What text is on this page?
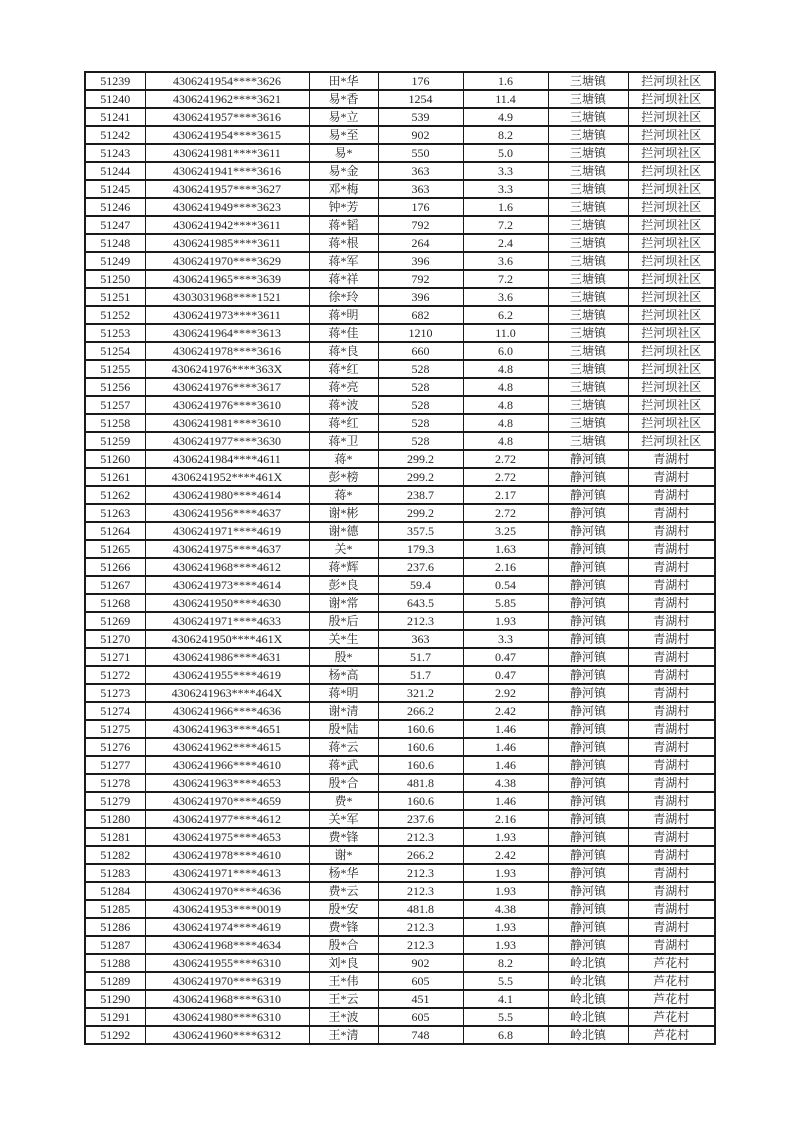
51239	4306241954****3626	田*华	176	1.6	三塘镇	拦河坝社区
51240	4306241962****3621	易*香	1254	11.4	三塘镇	拦河坝社区
51241	4306241957****3616	易*立	539	4.9	三塘镇	拦河坝社区
51242	4306241954****3615	易*至	902	8.2	三塘镇	拦河坝社区
51243	4306241981****3611	易*	550	5.0	三塘镇	拦河坝社区
51244	4306241941****3616	易*金	363	3.3	三塘镇	拦河坝社区
51245	4306241957****3627	邓*梅	363	3.3	三塘镇	拦河坝社区
51246	4306241949****3623	钟*芳	176	1.6	三塘镇	拦河坝社区
51247	4306241942****3611	蒋*韬	792	7.2	三塘镇	拦河坝社区
51248	4306241985****3611	蒋*根	264	2.4	三塘镇	拦河坝社区
51249	4306241970****3629	蒋*军	396	3.6	三塘镇	拦河坝社区
51250	4306241965****3639	蒋*祥	792	7.2	三塘镇	拦河坝社区
51251	4303031968****1521	徐*玲	396	3.6	三塘镇	拦河坝社区
51252	4306241973****3611	蒋*明	682	6.2	三塘镇	拦河坝社区
51253	4306241964****3613	蒋*佳	1210	11.0	三塘镇	拦河坝社区
51254	4306241978****3616	蒋*良	660	6.0	三塘镇	拦河坝社区
51255	4306241976****363X	蒋*红	528	4.8	三塘镇	拦河坝社区
51256	4306241976****3617	蒋*亮	528	4.8	三塘镇	拦河坝社区
51257	4306241976****3610	蒋*波	528	4.8	三塘镇	拦河坝社区
51258	4306241981****3610	蒋*红	528	4.8	三塘镇	拦河坝社区
51259	4306241977****3630	蒋*卫	528	4.8	三塘镇	拦河坝社区
51260	4306241984****4611	蒋*	299.2	2.72	静河镇	青湖村
51261	4306241952****461X	彭*榜	299.2	2.72	静河镇	青湖村
51262	4306241980****4614	蒋*	238.7	2.17	静河镇	青湖村
51263	4306241956****4637	谢*彬	299.2	2.72	静河镇	青湖村
51264	4306241971****4619	谢*德	357.5	3.25	静河镇	青湖村
51265	4306241975****4637	关*	179.3	1.63	静河镇	青湖村
51266	4306241968****4612	蒋*辉	237.6	2.16	静河镇	青湖村
51267	4306241973****4614	彭*良	59.4	0.54	静河镇	青湖村
51268	4306241950****4630	谢*常	643.5	5.85	静河镇	青湖村
51269	4306241971****4633	殷*后	212.3	1.93	静河镇	青湖村
51270	4306241950****461X	关*生	363	3.3	静河镇	青湖村
51271	4306241986****4631	殷*	51.7	0.47	静河镇	青湖村
51272	4306241955****4619	杨*高	51.7	0.47	静河镇	青湖村
51273	4306241963****464X	蒋*明	321.2	2.92	静河镇	青湖村
51274	4306241966****4636	谢*清	266.2	2.42	静河镇	青湖村
51275	4306241963****4651	殷*陆	160.6	1.46	静河镇	青湖村
51276	4306241962****4615	蒋*云	160.6	1.46	静河镇	青湖村
51277	4306241966****4610	蒋*武	160.6	1.46	静河镇	青湖村
51278	4306241963****4653	殷*合	481.8	4.38	静河镇	青湖村
51279	4306241970****4659	费*	160.6	1.46	静河镇	青湖村
51280	4306241977****4612	关*军	237.6	2.16	静河镇	青湖村
51281	4306241975****4653	费*锋	212.3	1.93	静河镇	青湖村
51282	4306241978****4610	谢*	266.2	2.42	静河镇	青湖村
51283	4306241971****4613	杨*华	212.3	1.93	静河镇	青湖村
51284	4306241970****4636	费*云	212.3	1.93	静河镇	青湖村
51285	4306241953****0019	殷*安	481.8	4.38	静河镇	青湖村
51286	4306241974****4619	费*锋	212.3	1.93	静河镇	青湖村
51287	4306241968****4634	殷*合	212.3	1.93	静河镇	青湖村
51288	4306241955****6310	刘*良	902	8.2	岭北镇	芦花村
51289	4306241970****6319	王*伟	605	5.5	岭北镇	芦花村
51290	4306241968****6310	王*云	451	4.1	岭北镇	芦花村
51291	4306241980****6310	王*波	605	5.5	岭北镇	芦花村
51292	4306241960****6312	王*清	748	6.8	岭北镇	芦花村
